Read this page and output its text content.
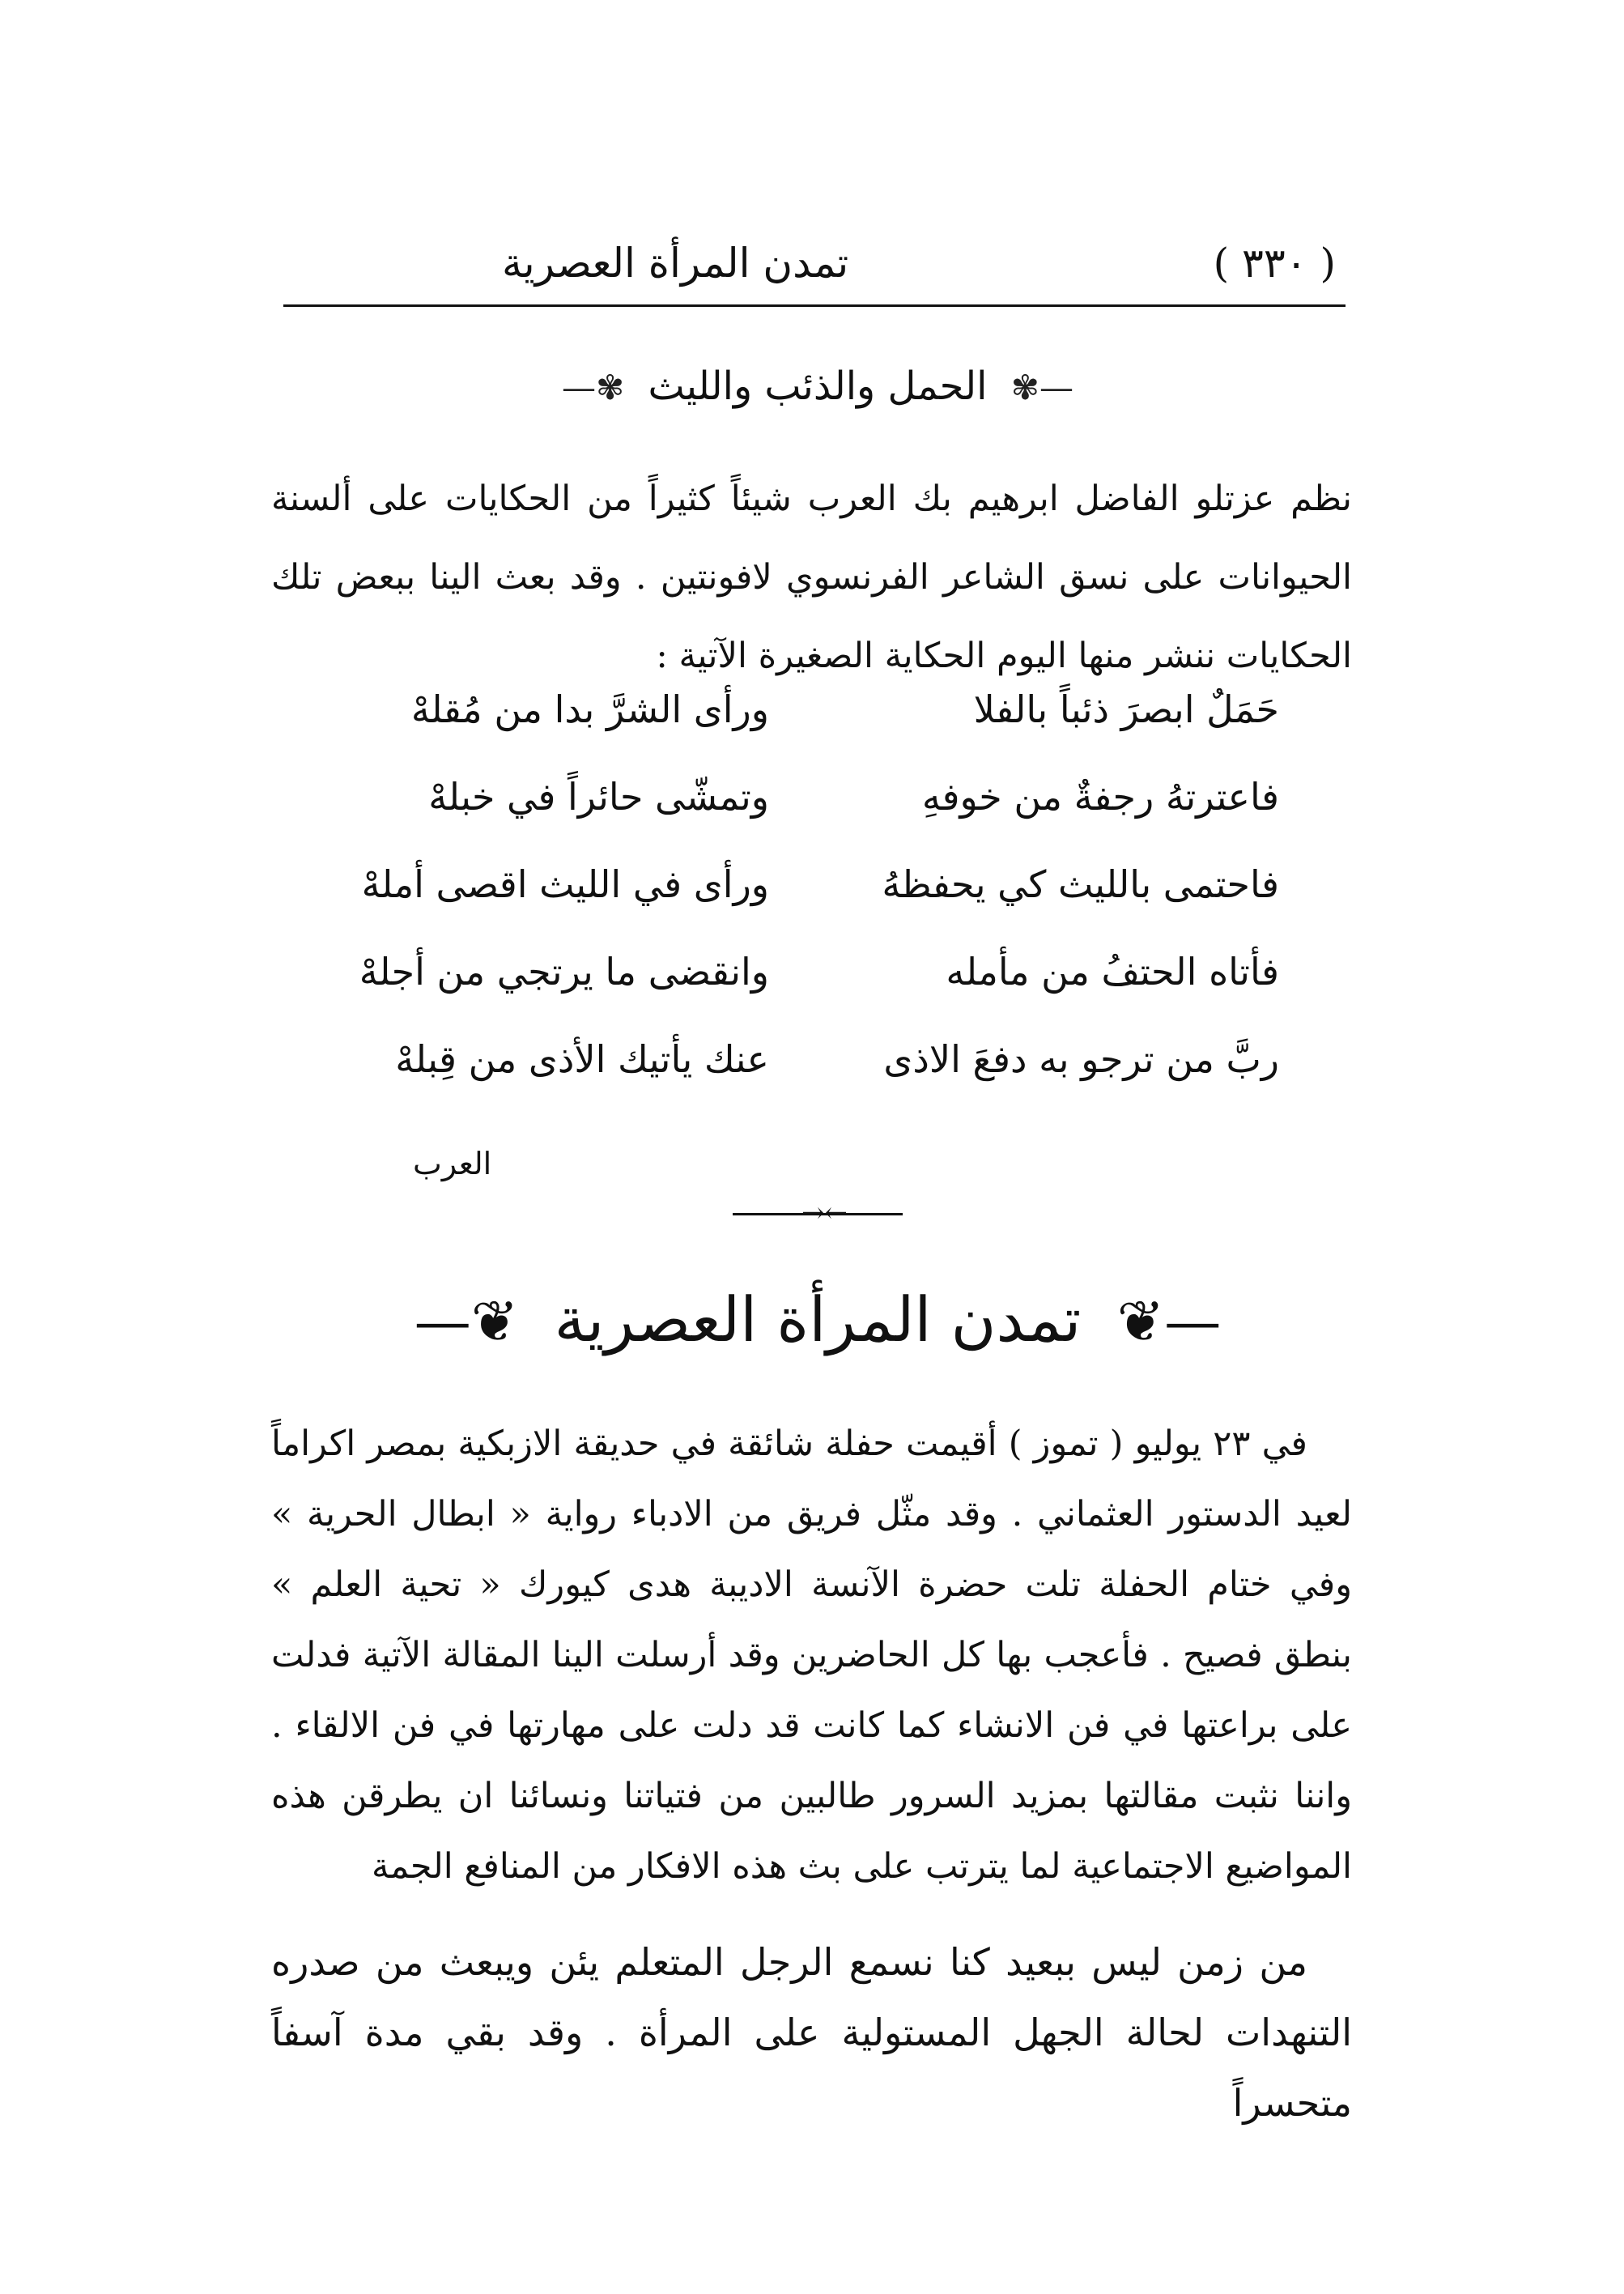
( ٣٣٠ )
تمدن المرأة العصرية
—✾ الحمل والذئب والليث ✾—

نظم عزتلو الفاضل ابرهيم بك العرب شيئاً كثيراً من الحكايات على ألسنة الحيوانات على نسق الشاعر الفرنسوي لافونتين . وقد بعث الينا ببعض تلك الحكايات ننشر منها اليوم الحكاية الصغيرة الآتية :

حَمَلٌ ابصرَ ذئباً بالفلا
ورأى الشرَّ بدا من مُقلهْ
فاعترتهُ رجفةٌ من خوفهِ
وتمشّى حائراً في خبلهْ
فاحتمى بالليث كي يحفظهُ
ورأى في الليث اقصى أملهْ
فأتاه الحتفُ من مأمله
وانقضى ما يرتجي من أجلهْ
ربَّ من ترجو به دفعَ الاذى
عنك يأتيك الأذى من قِبلهْ
العرب
→←
—❦ تمدن المرأة العصرية ❦—

في ٢٣ يوليو ( تموز ) أقيمت حفلة شائقة في حديقة الازبكية بمصر اكراماً لعيد الدستور العثماني . وقد مثّل فريق من الادباء رواية « ابطال الحرية » وفي ختام الحفلة تلت حضرة الآنسة الاديبة هدى كيورك « تحية العلم » بنطق فصيح . فأعجب بها كل الحاضرين وقد أرسلت الينا المقالة الآتية فدلت على براعتها في فن الانشاء كما كانت قد دلت على مهارتها في فن الالقاء . واننا نثبت مقالتها بمزيد السرور طالبين من فتياتنا ونسائنا ان يطرقن هذه المواضيع الاجتماعية لما يترتب على بث هذه الافكار من المنافع الجمة

من زمن ليس ببعيد كنا نسمع الرجل المتعلم يئن ويبعث من صدره التنهدات لحالة الجهل المستولية على المرأة . وقد بقي مدة آسفاً متحسراً
